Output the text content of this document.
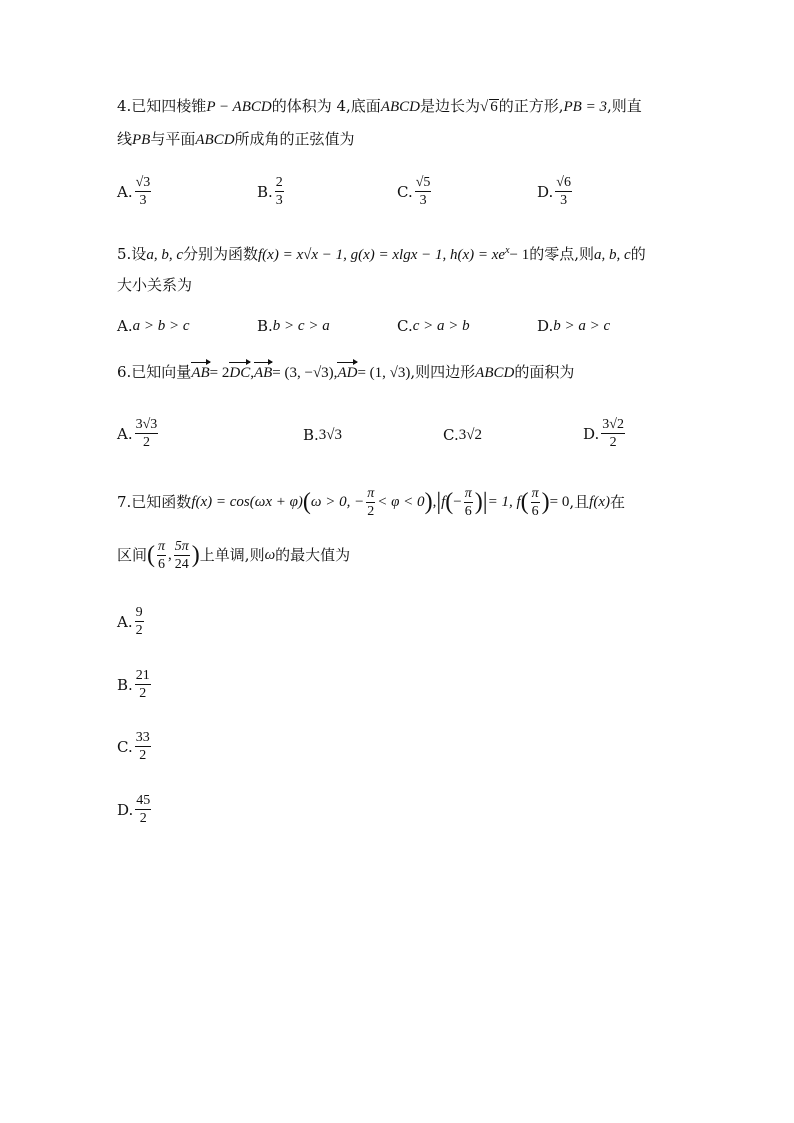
4.已知四棱锥P − ABCD的体积为 4,底面ABCD是边长为√ 6的正方形,PB = 3,则直
线PB与平面ABCD所成角的正弦值为
A. $\frac{√3}{3}$	B. $\frac{2}{3}$	C. $\frac{√5}{3}$	D. $\frac{√6}{3}$
5.设a, b, c分别为函数f(x) = x√x − 1, g(x) = xlgx − 1, $h(x) = xe^x- 1$的零点,则a, b, c的
大小关系为
A. a > b > c	B. b > c > a	C. c > a > b	D. b > a > c
6.已知向量AB= 2DC,AB= (3, −√3),AD= (1, √3),则四边形ABCD的面积为
A. $\frac{3√3}{2}$	B. 3√3	C. 3√2	D. $\frac{3√2}{2}$
7.已知函数 f(x) = cos(ωx + φ) ( ω > 0, − $\frac{\pi}{2} < \varphi < 0$ ) , | f ( − $\frac{\pi}{6}$ ) | = 1, f ( $\frac{\pi}{6}$ ) = 0 ,且 f(x) 在
区间 ( $\frac{\pi}{6}$ , $\frac{5\pi}{24}$ ) 上单调,则 ω 的最大值为
A. $\frac{9}{2}$
B. $\frac{21}{2}$
C. $\frac{33}{2}$
D. $\frac{45}{2}$
